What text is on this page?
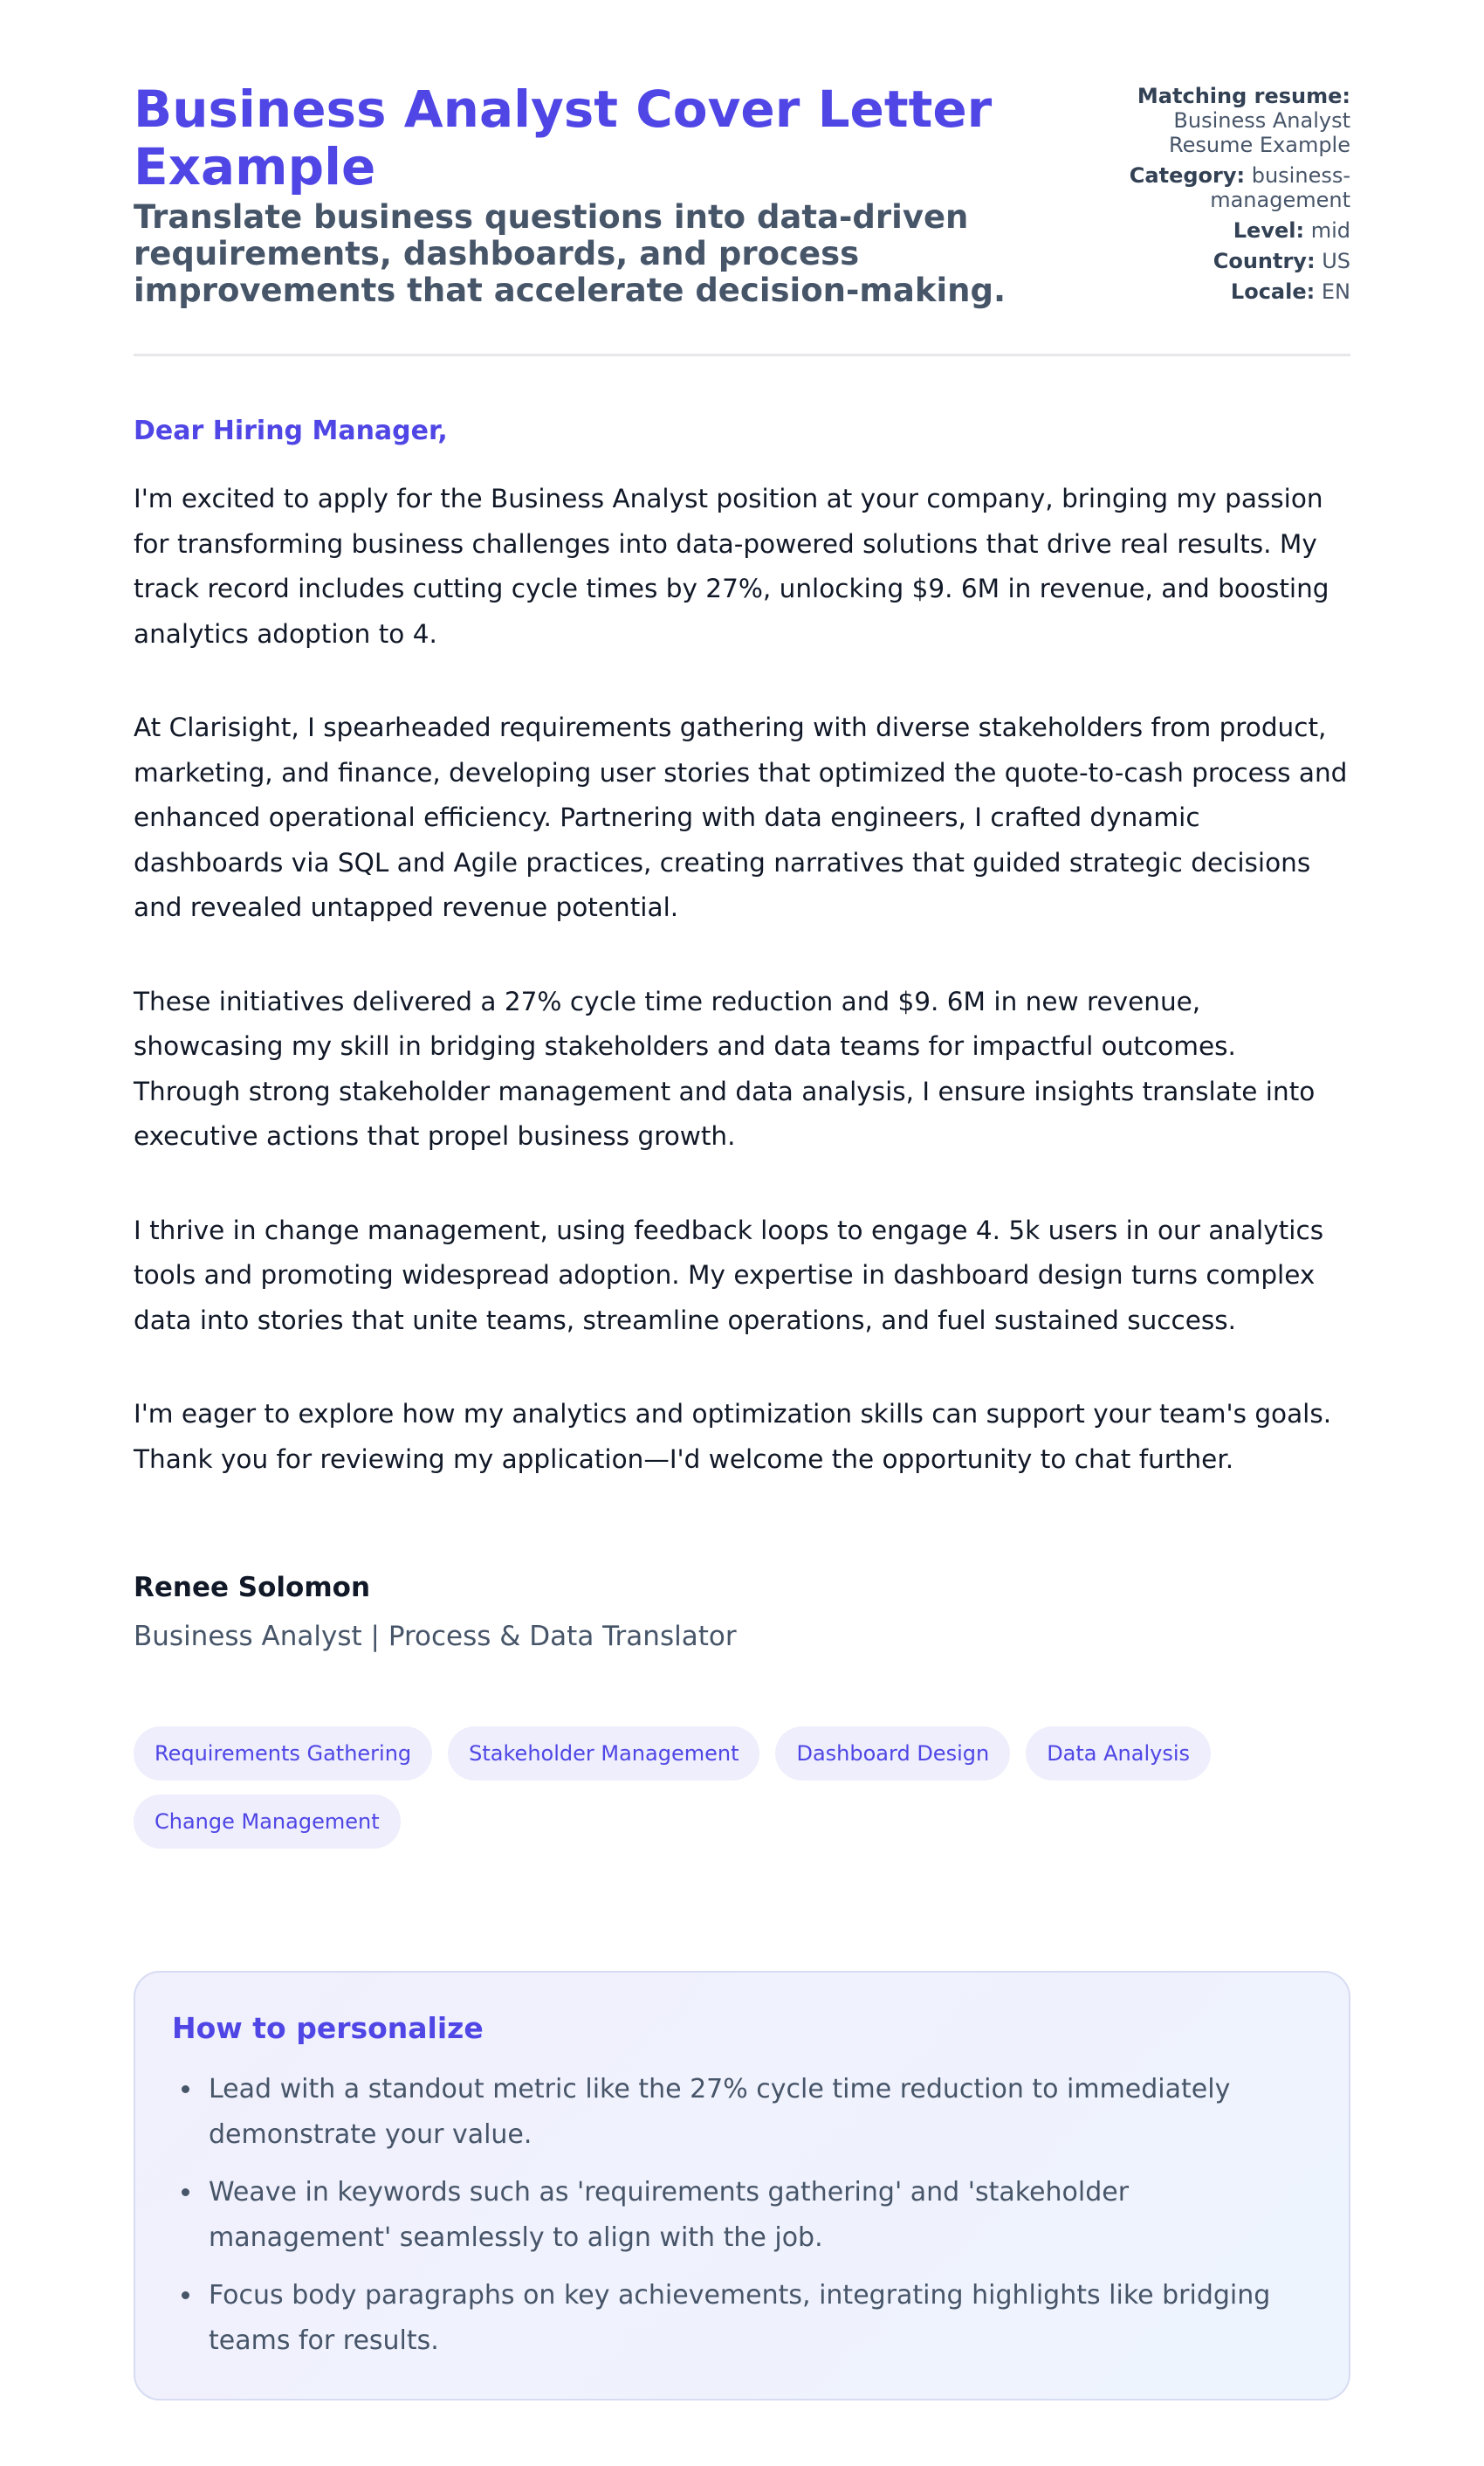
Business Analyst Cover Letter Example
Translate business questions into data-driven requirements, dashboards, and process improvements that accelerate decision-making.
Matching resume: Business Analyst Resume Example
Category: business-management
Level: mid
Country: US
Locale: EN

Dear Hiring Manager,

I'm excited to apply for the Business Analyst position at your company, bringing my passion for transforming business challenges into data-powered solutions that drive real results. My track record includes cutting cycle times by 27%, unlocking $9. 6M in revenue, and boosting analytics adoption to 4.

At Clarisight, I spearheaded requirements gathering with diverse stakeholders from product, marketing, and finance, developing user stories that optimized the quote-to-cash process and enhanced operational efficiency. Partnering with data engineers, I crafted dynamic dashboards via SQL and Agile practices, creating narratives that guided strategic decisions and revealed untapped revenue potential.

These initiatives delivered a 27% cycle time reduction and $9. 6M in new revenue, showcasing my skill in bridging stakeholders and data teams for impactful outcomes. Through strong stakeholder management and data analysis, I ensure insights translate into executive actions that propel business growth.

I thrive in change management, using feedback loops to engage 4. 5k users in our analytics tools and promoting widespread adoption. My expertise in dashboard design turns complex data into stories that unite teams, streamline operations, and fuel sustained success.

I'm eager to explore how my analytics and optimization skills can support your team's goals. Thank you for reviewing my application—I'd welcome the opportunity to chat further.

Renee Solomon
Business Analyst | Process & Data Translator
Requirements Gathering	Stakeholder Management	Dashboard Design	Data Analysis
Change Management
How to personalize
• Lead with a standout metric like the 27% cycle time reduction to immediately demonstrate your value.
• Weave in keywords such as 'requirements gathering' and 'stakeholder management' seamlessly to align with the job.
• Focus body paragraphs on key achievements, integrating highlights like bridging teams for results.
